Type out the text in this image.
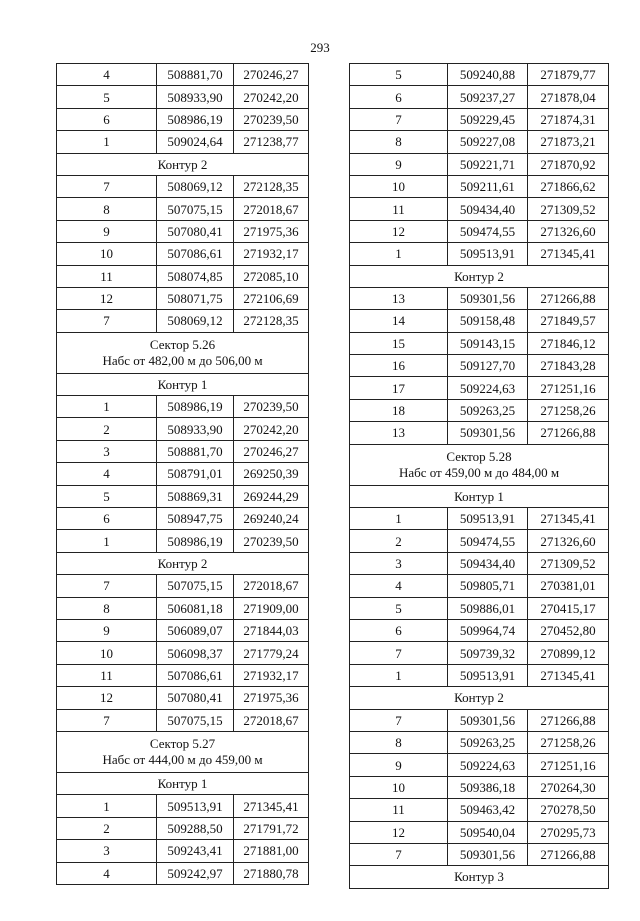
293
4	508881,70	270246,27
5	508933,90	270242,20
6	508986,19	270239,50
1	509024,64	271238,77

Контур 2		

7	508069,12	272128,35
8	507075,15	272018,67
9	507080,41	271975,36
10	507086,61	271932,17
11	508074,85	272085,10
12	508071,75	272106,69
7	508069,12	272128,35

Сектор 5.26
Набс от 482,00 м до 506,00 м		

Контур 1		

1	508986,19	270239,50
2	508933,90	270242,20
3	508881,70	270246,27
4	508791,01	269250,39
5	508869,31	269244,29
6	508947,75	269240,24
1	508986,19	270239,50

Контур 2		

7	507075,15	272018,67
8	506081,18	271909,00
9	506089,07	271844,03
10	506098,37	271779,24
11	507086,61	271932,17
12	507080,41	271975,36
7	507075,15	272018,67

Сектор 5.27
Набс от 444,00 м до 459,00 м		

Контур 1		

1	509513,91	271345,41
2	509288,50	271791,72
3	509243,41	271881,00
4	509242,97	271880,78
5	509240,88	271879,77
6	509237,27	271878,04
7	509229,45	271874,31
8	509227,08	271873,21
9	509221,71	271870,92
10	509211,61	271866,62
11	509434,40	271309,52
12	509474,55	271326,60
1	509513,91	271345,41

Контур 2		

13	509301,56	271266,88
14	509158,48	271849,57
15	509143,15	271846,12
16	509127,70	271843,28
17	509224,63	271251,16
18	509263,25	271258,26
13	509301,56	271266,88

Сектор 5.28
Набс от 459,00 м до 484,00 м		

Контур 1		

1	509513,91	271345,41
2	509474,55	271326,60
3	509434,40	271309,52
4	509805,71	270381,01
5	509886,01	270415,17
6	509964,74	270452,80
7	509739,32	270899,12
1	509513,91	271345,41

Контур 2		

7	509301,56	271266,88
8	509263,25	271258,26
9	509224,63	271251,16
10	509386,18	270264,30
11	509463,42	270278,50
12	509540,04	270295,73
7	509301,56	271266,88

Контур 3		
